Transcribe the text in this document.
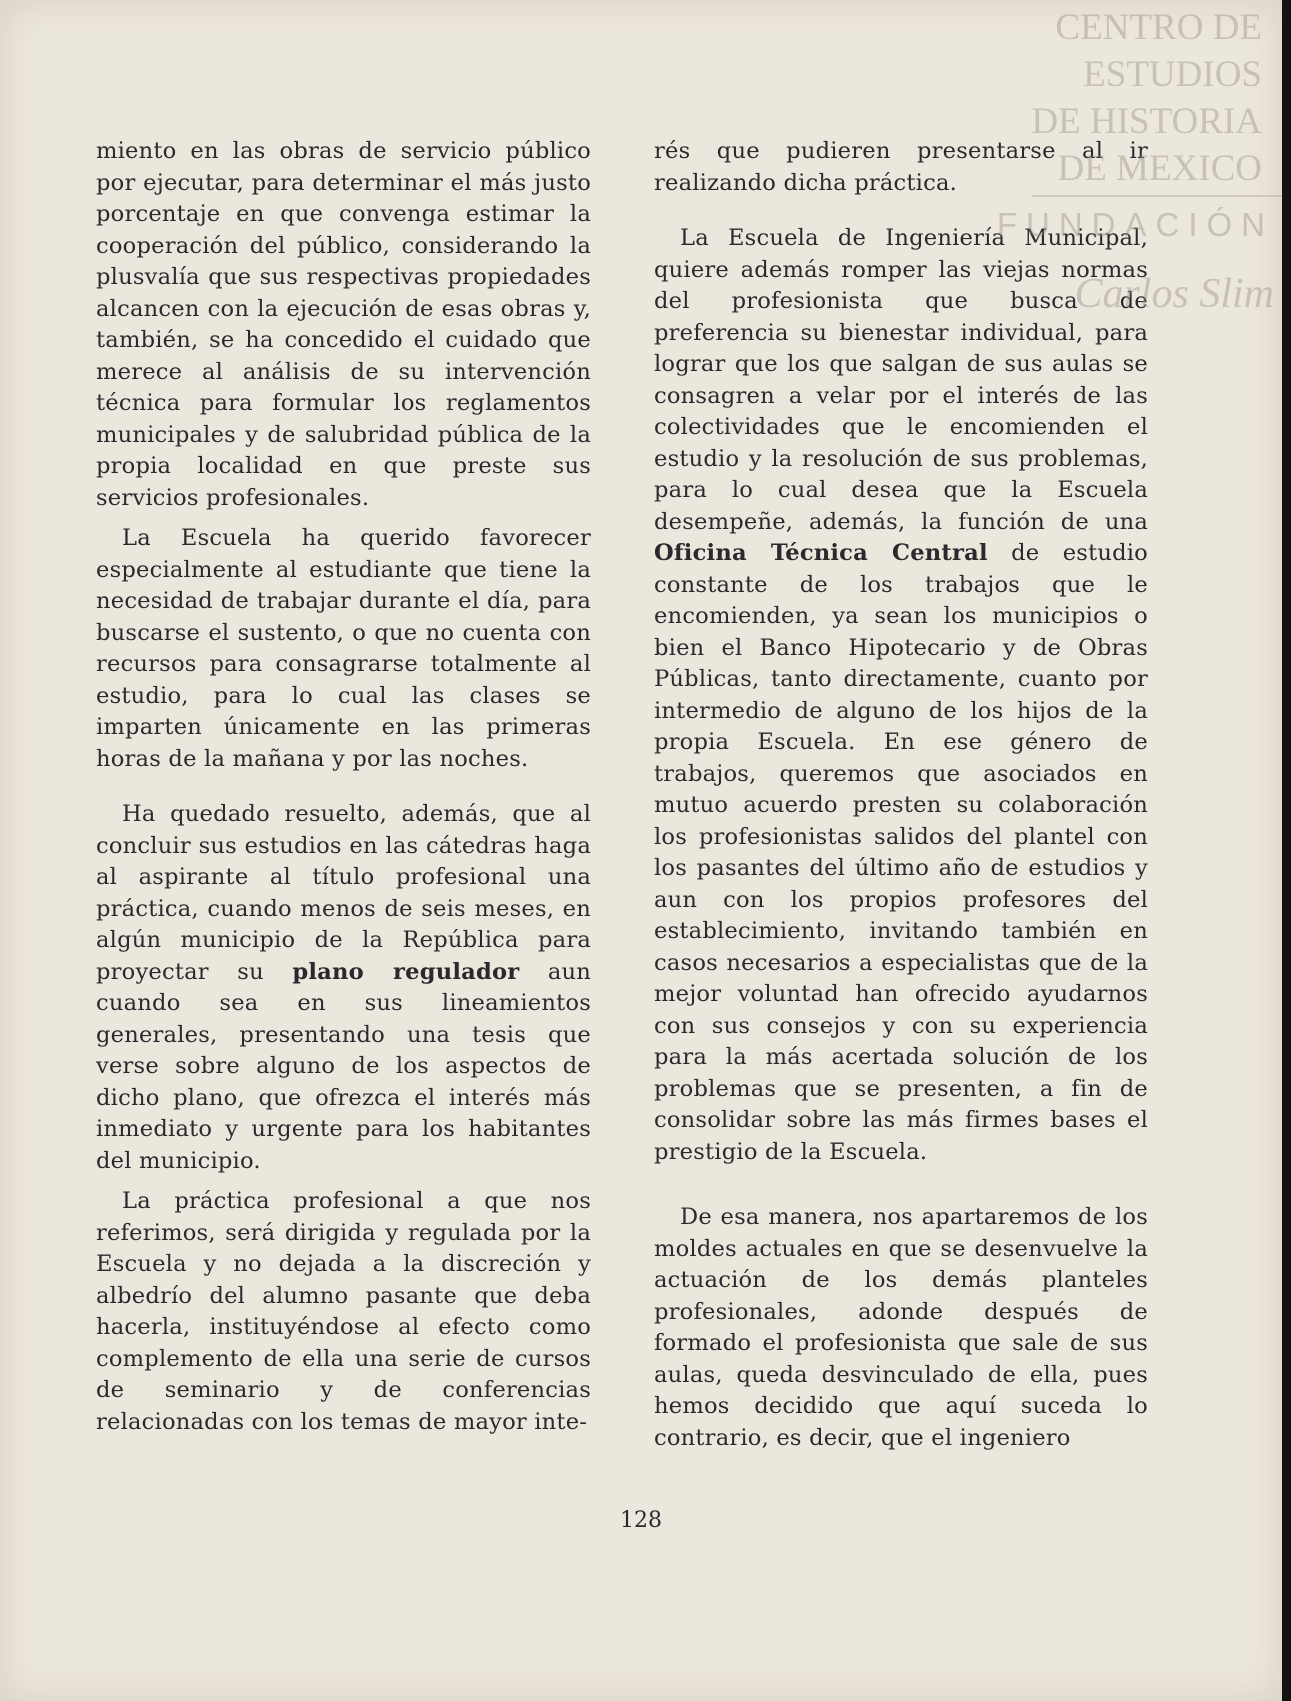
miento en las obras de servicio público por ejecutar, para determinar el más justo porcentaje en que convenga estimar la cooperación del público, considerando la plusvalía que sus respectivas propiedades alcancen con la ejecución de esas obras y, también, se ha concedido el cuidado que merece al análisis de su intervención técnica para formular los reglamentos municipales y de salubridad pública de la propia localidad en que preste sus servicios profesionales.

La Escuela ha querido favorecer especialmente al estudiante que tiene la necesidad de trabajar durante el día, para buscarse el sustento, o que no cuenta con recursos para consagrarse totalmente al estudio, para lo cual las clases se imparten únicamente en las primeras horas de la mañana y por las noches.

Ha quedado resuelto, además, que al concluir sus estudios en las cátedras haga al aspirante al título profesional una práctica, cuando menos de seis meses, en algún municipio de la República para proyectar su plano regulador aun cuando sea en sus lineamientos generales, presentando una tesis que verse sobre alguno de los aspectos de dicho plano, que ofrezca el interés más inmediato y urgente para los habitantes del municipio.

La práctica profesional a que nos referimos, será dirigida y regulada por la Escuela y no dejada a la discreción y albedrío del alumno pasante que deba hacerla, instituyéndose al efecto como complemento de ella una serie de cursos de seminario y de conferencias relacionadas con los temas de mayor inte-

rés que pudieren presentarse al ir realizando dicha práctica.

La Escuela de Ingeniería Municipal, quiere además romper las viejas normas del profesionista que busca de preferencia su bienestar individual, para lograr que los que salgan de sus aulas se consagren a velar por el interés de las colectividades que le encomienden el estudio y la resolución de sus problemas, para lo cual desea que la Escuela desempeñe, además, la función de una Oficina Técnica Central de estudio constante de los trabajos que le encomienden, ya sean los municipios o bien el Banco Hipotecario y de Obras Públicas, tanto directamente, cuanto por intermedio de alguno de los hijos de la propia Escuela. En ese género de trabajos, queremos que asociados en mutuo acuerdo presten su colaboración los profesionistas salidos del plantel con los pasantes del último año de estudios y aun con los propios profesores del establecimiento, invitando también en casos necesarios a especialistas que de la mejor voluntad han ofrecido ayudarnos con sus consejos y con su experiencia para la más acertada solución de los problemas que se presenten, a fin de consolidar sobre las más firmes bases el prestigio de la Escuela.

De esa manera, nos apartaremos de los moldes actuales en que se desenvuelve la actuación de los demás planteles profesionales, adonde después de formado el profesionista que sale de sus aulas, queda desvinculado de ella, pues hemos decidido que aquí suceda lo contrario, es decir, que el ingeniero

128
CENTRO DE
ESTUDIOS
DE HISTORIA
DE MEXICO
FUNDACIÓN
Carlos Slim
